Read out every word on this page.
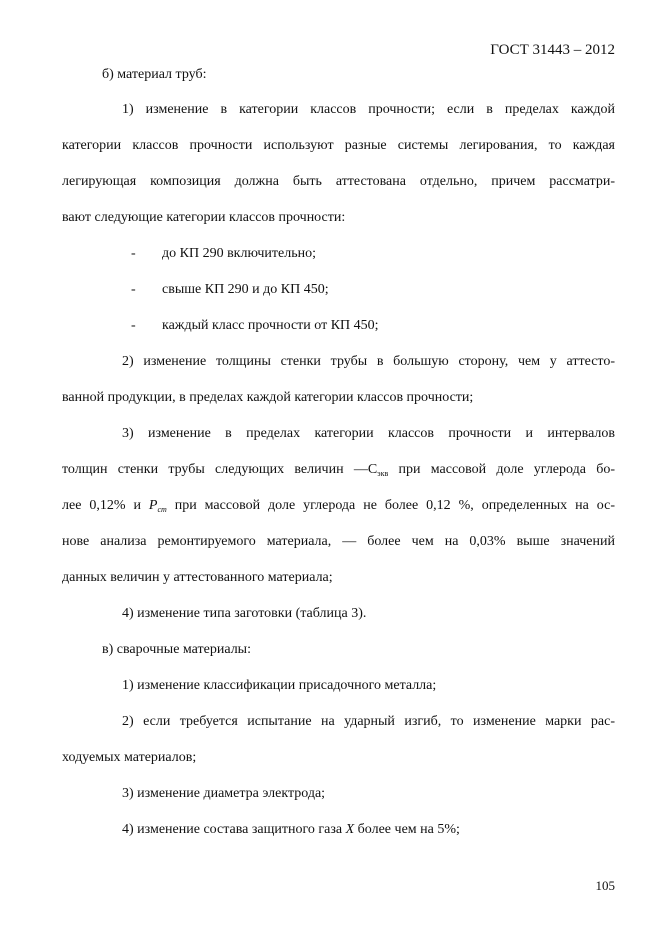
ГОСТ 31443 – 2012
б) материал труб:
1) изменение в категории классов прочности; если в пределах каждой
категории классов прочности используют разные системы легирования, то каждая
легирующая композиция должна быть аттестована отдельно, причем рассматри-
вают следующие категории классов прочности:
- до КП 290 включительно;
- свыше КП 290 и до КП 450;
- каждый класс прочности от КП 450;
2) изменение толщины стенки трубы в большую сторону, чем у аттесто-
ванной продукции, в пределах каждой категории классов прочности;
3) изменение в пределах категории классов прочности и интервалов
толщин стенки трубы следующих величин $—C_{экв}$ при массовой доле углерода бо-
лее 0,12% и $P_{cm}$ при массовой доле углерода не более 0,12 %, определенных на ос-
нове анализа ремонтируемого материала, — более чем на 0,03% выше значений
данных величин у аттестованного материала;
4) изменение типа заготовки (таблица 3).
в) сварочные материалы:
1) изменение классификации присадочного металла;
2) если требуется испытание на ударный изгиб, то изменение марки рас-
ходуемых материалов;
3) изменение диаметра электрода;
4) изменение состава защитного газа X более чем на 5%;
105
